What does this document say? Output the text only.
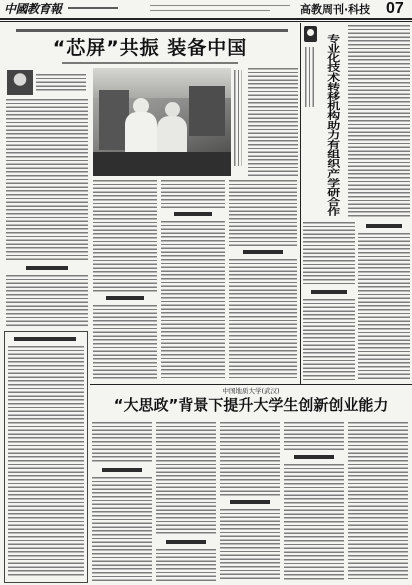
中國教育報	高教周刊·科技 07
“芯屏”共振 装备中国	专业化技术转移机构助力有组织产学研合作
中国地质大学(武汉)
“大思政”背景下提升大学生创新创业能力
